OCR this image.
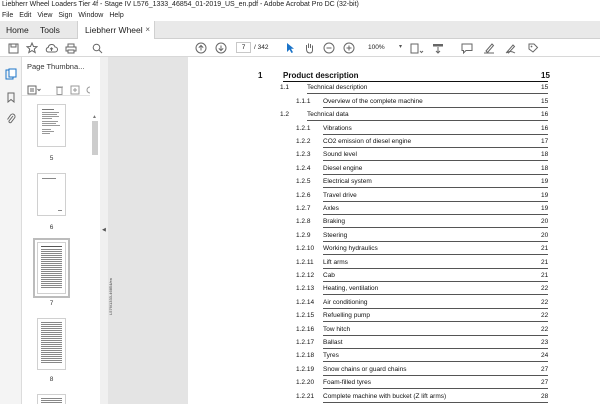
Liebherr Wheel Loaders Tier 4f - Stage IV L576_1333_46854_01-2019_US_en.pdf - Adobe Acrobat Pro DC (32-bit)
File Edit View Sign Window Help
Home Tools	Liebherr Wheel ×
7	/ 342	100% ▾
Page Thumbna...
5
6
7
8
▲
◀
1	Product description	15
1.1	Technical description	15
1.1.1 Overview of the complete machine	15
1.2	Technical data	16
1.2.1 Vibrations	16
1.2.2 CO2 emission of diesel engine	17
1.2.3 Sound level	18
1.2.4 Diesel engine	18
1.2.5 Electrical system	19
1.2.6 Travel drive	19
1.2.7 Axles	19
1.2.8 Braking	20
1.2.9 Steering	20
1.2.10 Working hydraulics	21
1.2.11 Lift arms	21
1.2.12 Cab	21
1.2.13 Heating, ventilation	22
1.2.14 Air conditioning	22
1.2.15 Refuelling pump	22
1.2.16 Tow hitch	22
1.2.17 Ballast	23
1.2.18 Tyres	24
1.2.19 Snow chains or guard chains	27
1.2.20 Foam-filled tyres	27
1.2.21 Complete machine with bucket (Z lift arms)	28
L576/1333-46854/en
